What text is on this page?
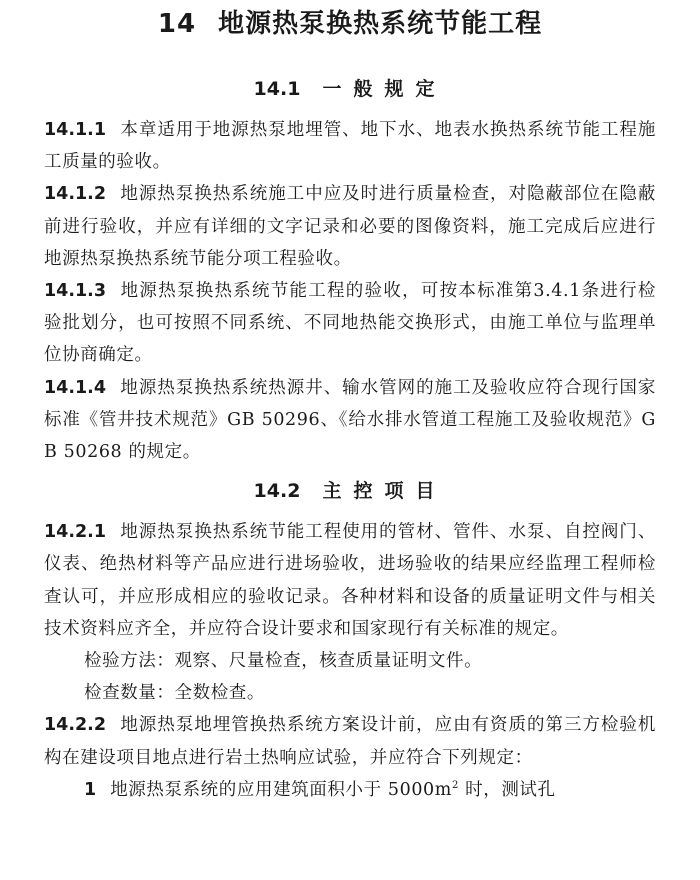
14 地源热泵换热系统节能工程
14.1 一般规定

14.1.1 本章适用于地源热泵地埋管、地下水、地表水换热系统节能工程施工质量的验收。

14.1.2 地源热泵换热系统施工中应及时进行质量检查，对隐蔽部位在隐蔽前进行验收，并应有详细的文字记录和必要的图像资料，施工完成后应进行地源热泵换热系统节能分项工程验收。

14.1.3 地源热泵换热系统节能工程的验收，可按本标准第3.4.1条进行检验批划分，也可按照不同系统、不同地热能交换形式，由施工单位与监理单位协商确定。

14.1.4 地源热泵换热系统热源井、输水管网的施工及验收应符合现行国家标准《管井技术规范》GB 50296、《给水排水管道工程施工及验收规范》GB 50268 的规定。

14.2 主控项目

14.2.1 地源热泵换热系统节能工程使用的管材、管件、水泵、自控阀门、仪表、绝热材料等产品应进行进场验收，进场验收的结果应经监理工程师检查认可，并应形成相应的验收记录。各种材料和设备的质量证明文件与相关技术资料应齐全，并应符合设计要求和国家现行有关标准的规定。

检验方法：观察、尺量检查，核查质量证明文件。

检查数量：全数检查。

14.2.2 地源热泵地埋管换热系统方案设计前，应由有资质的第三方检验机构在建设项目地点进行岩土热响应试验，并应符合下列规定：

1 地源热泵系统的应用建筑面积小于 $5000m^2$ 时，测试孔
